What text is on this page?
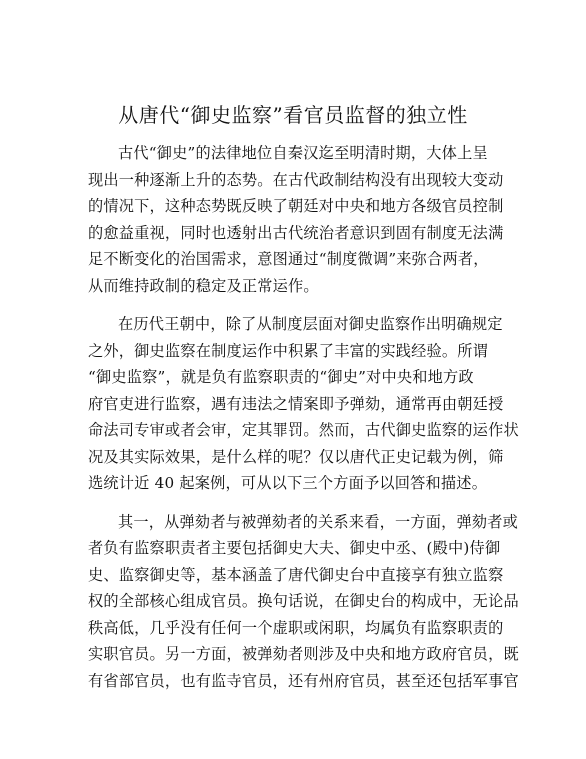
从唐代“御史监察”看官员监督的独立性
古代“御史”的法律地位自秦汉迄至明清时期，大体上呈
现出一种逐渐上升的态势。在古代政制结构没有出现较大变动
的情况下，这种态势既反映了朝廷对中央和地方各级官员控制
的愈益重视，同时也透射出古代统治者意识到固有制度无法满
足不断变化的治国需求，意图通过“制度微调”来弥合两者，
从而维持政制的稳定及正常运作。
在历代王朝中，除了从制度层面对御史监察作出明确规定
之外，御史监察在制度运作中积累了丰富的实践经验。所谓
“御史监察”，就是负有监察职责的“御史”对中央和地方政
府官吏进行监察，遇有违法之情案即予弹劾，通常再由朝廷授
命法司专审或者会审，定其罪罚。然而，古代御史监察的运作状
况及其实际效果，是什么样的呢？仅以唐代正史记载为例，筛
选统计近 40 起案例，可从以下三个方面予以回答和描述。
其一，从弹劾者与被弹劾者的关系来看，一方面，弹劾者或
者负有监察职责者主要包括御史大夫、御史中丞、(殿中)侍御
史、监察御史等，基本涵盖了唐代御史台中直接享有独立监察
权的全部核心组成官员。换句话说，在御史台的构成中，无论品
秩高低，几乎没有任何一个虚职或闲职，均属负有监察职责的
实职官员。另一方面，被弹劾者则涉及中央和地方政府官员，既
有省部官员，也有监寺官员，还有州府官员，甚至还包括军事官
